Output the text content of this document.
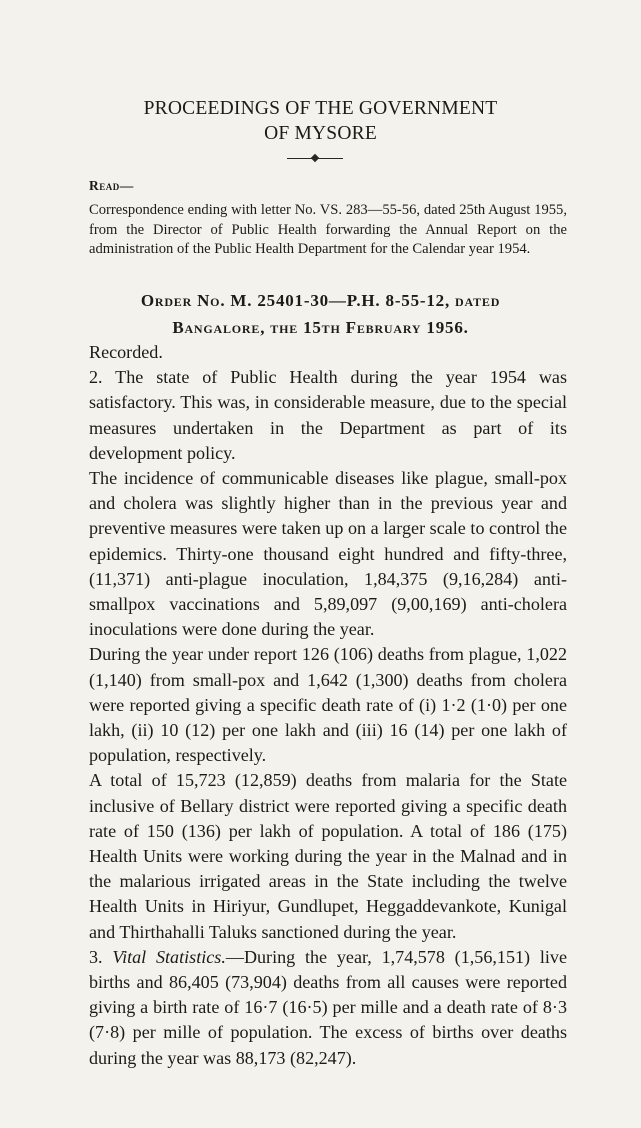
PROCEEDINGS OF THE GOVERNMENT
OF MYSORE
Read—

Correspondence ending with letter No. VS. 283—55-56, dated 25th August 1955, from the Director of Public Health forwarding the Annual Report on the administration of the Public Health Department for the Calendar year 1954.

Order No. M. 25401-30—P.H. 8-55-12, dated
Bangalore, the 15th February 1956.

Recorded.

2. The state of Public Health during the year 1954 was satisfactory. This was, in considerable measure, due to the special measures undertaken in the Department as part of its development policy.

The incidence of communicable diseases like plague, small-pox and cholera was slightly higher than in the previous year and preventive measures were taken up on a larger scale to control the epidemics. Thirty-one thousand eight hundred and fifty-three, (11,371) anti-plague inoculation, 1,84,375 (9,16,284) anti-smallpox vaccinations and 5,89,097 (9,00,169) anti-cholera inoculations were done during the year.

During the year under report 126 (106) deaths from plague, 1,022 (1,140) from small-pox and 1,642 (1,300) deaths from cholera were reported giving a specific death rate of (i) 1·2 (1·0) per one lakh, (ii) 10 (12) per one lakh and (iii) 16 (14) per one lakh of population, respectively.

A total of 15,723 (12,859) deaths from malaria for the State inclusive of Bellary district were reported giving a specific death rate of 150 (136) per lakh of population. A total of 186 (175) Health Units were working during the year in the Malnad and in the malarious irrigated areas in the State including the twelve Health Units in Hiriyur, Gundlupet, Heggaddevankote, Kunigal and Thirthahalli Taluks sanctioned during the year.

3. Vital Statistics.—During the year, 1,74,578 (1,56,151) live births and 86,405 (73,904) deaths from all causes were reported giving a birth rate of 16·7 (16·5) per mille and a death rate of 8·3 (7·8) per mille of population. The excess of births over deaths during the year was 88,173 (82,247).
